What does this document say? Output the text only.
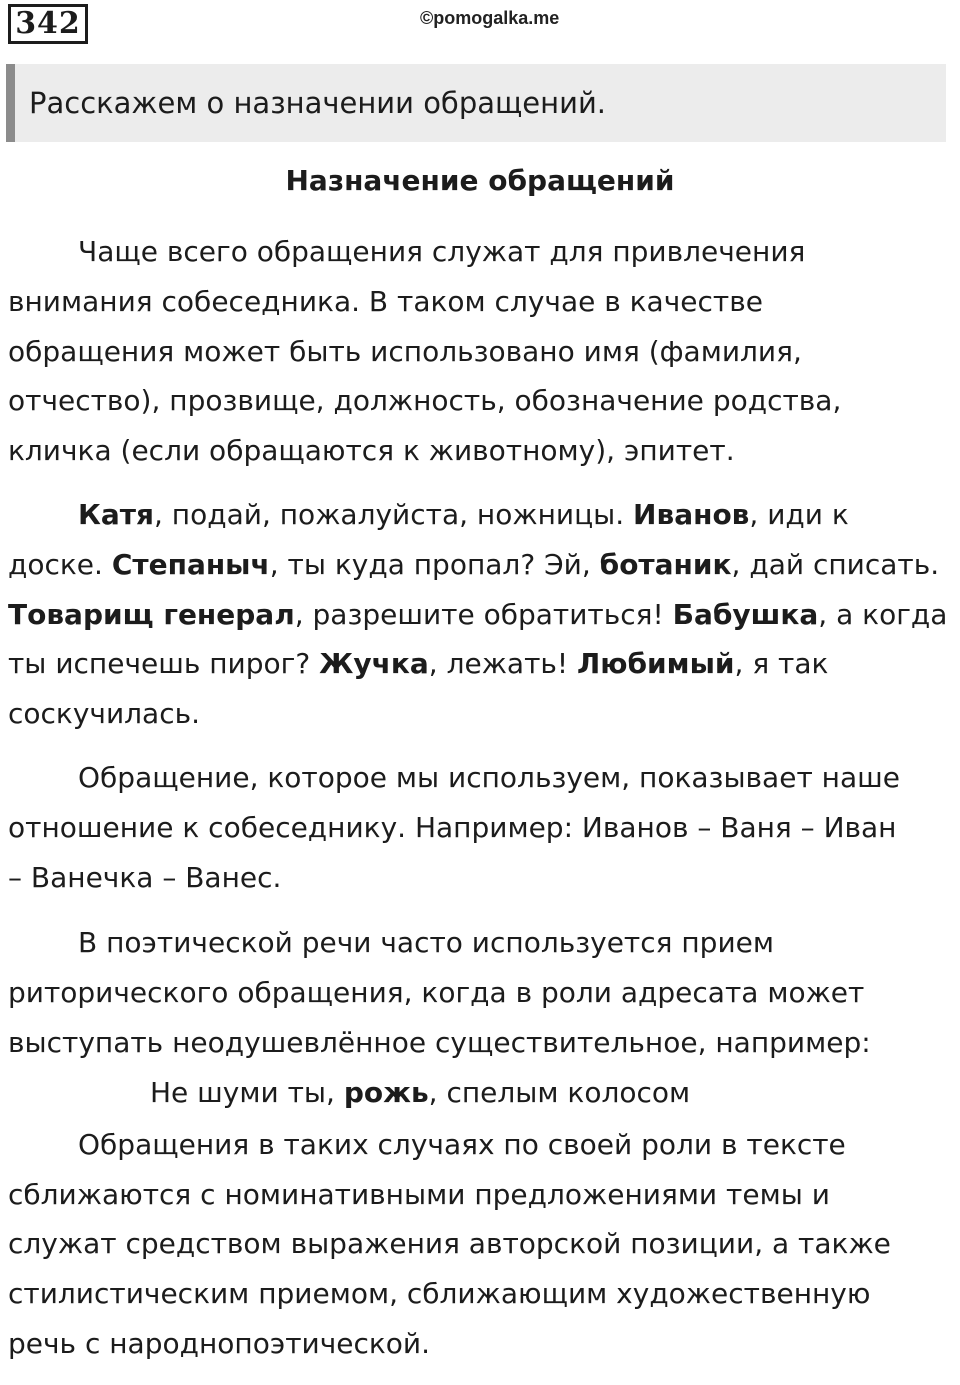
342	©pomogalka.me
Расскажем о назначении обращений.
Назначение обращений

Чаще всего обращения служат для привлечения
внимания собеседника. В таком случае в качестве
обращения может быть использовано имя (фамилия,
отчество), прозвище, должность, обозначение родства,
кличка (если обращаются к животному), эпитет.

Катя, подай, пожалуйста, ножницы. Иванов, иди к
доске. Степаныч, ты куда пропал? Эй, ботаник, дай списать.
Товарищ генерал, разрешите обратиться! Бабушка, а когда
ты испечешь пирог? Жучка, лежать! Любимый, я так
соскучилась.

Обращение, которое мы используем, показывает наше
отношение к собеседнику. Например: Иванов – Ваня – Иван
– Ванечка – Ванес.

В поэтической речи часто используется прием
риторического обращения, когда в роли адресата может
выступать неодушевлённое существительное, например:

Не шуми ты, рожь, спелым колосом

Обращения в таких случаях по своей роли в тексте
сближаются с номинативными предложениями темы и
служат средством выражения авторской позиции, а также
стилистическим приемом, сближающим художественную
речь с народнопоэтической.
